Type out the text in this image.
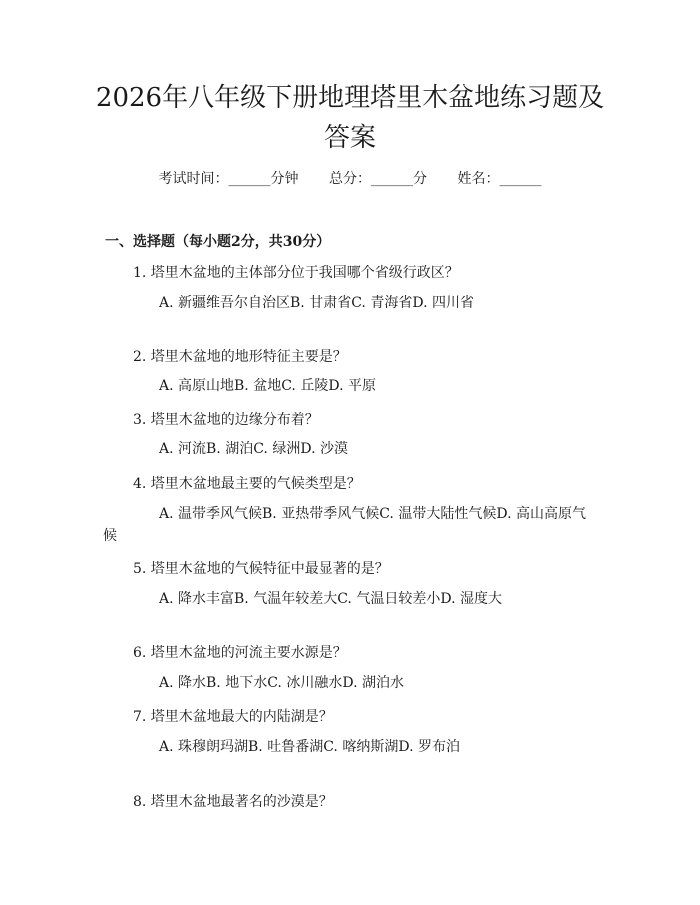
2026年八年级下册地理塔里木盆地练习题及答案
考试时间：______分钟 总分：______分 姓名：______
一、选择题（每小题2分，共30分）
1. 塔里木盆地的主体部分位于我国哪个省级行政区？
A. 新疆维吾尔自治区B. 甘肃省C. 青海省D. 四川省
2. 塔里木盆地的地形特征主要是？
A. 高原山地B. 盆地C. 丘陵D. 平原
3. 塔里木盆地的边缘分布着？
A. 河流B. 湖泊C. 绿洲D. 沙漠
4. 塔里木盆地最主要的气候类型是？
A. 温带季风气候B. 亚热带季风气候C. 温带大陆性气候D. 高山高原气候
5. 塔里木盆地的气候特征中最显著的是？
A. 降水丰富B. 气温年较差大C. 气温日较差小D. 湿度大
6. 塔里木盆地的河流主要水源是？
A. 降水B. 地下水C. 冰川融水D. 湖泊水
7. 塔里木盆地最大的内陆湖是？
A. 珠穆朗玛湖B. 吐鲁番湖C. 喀纳斯湖D. 罗布泊
8. 塔里木盆地最著名的沙漠是？
